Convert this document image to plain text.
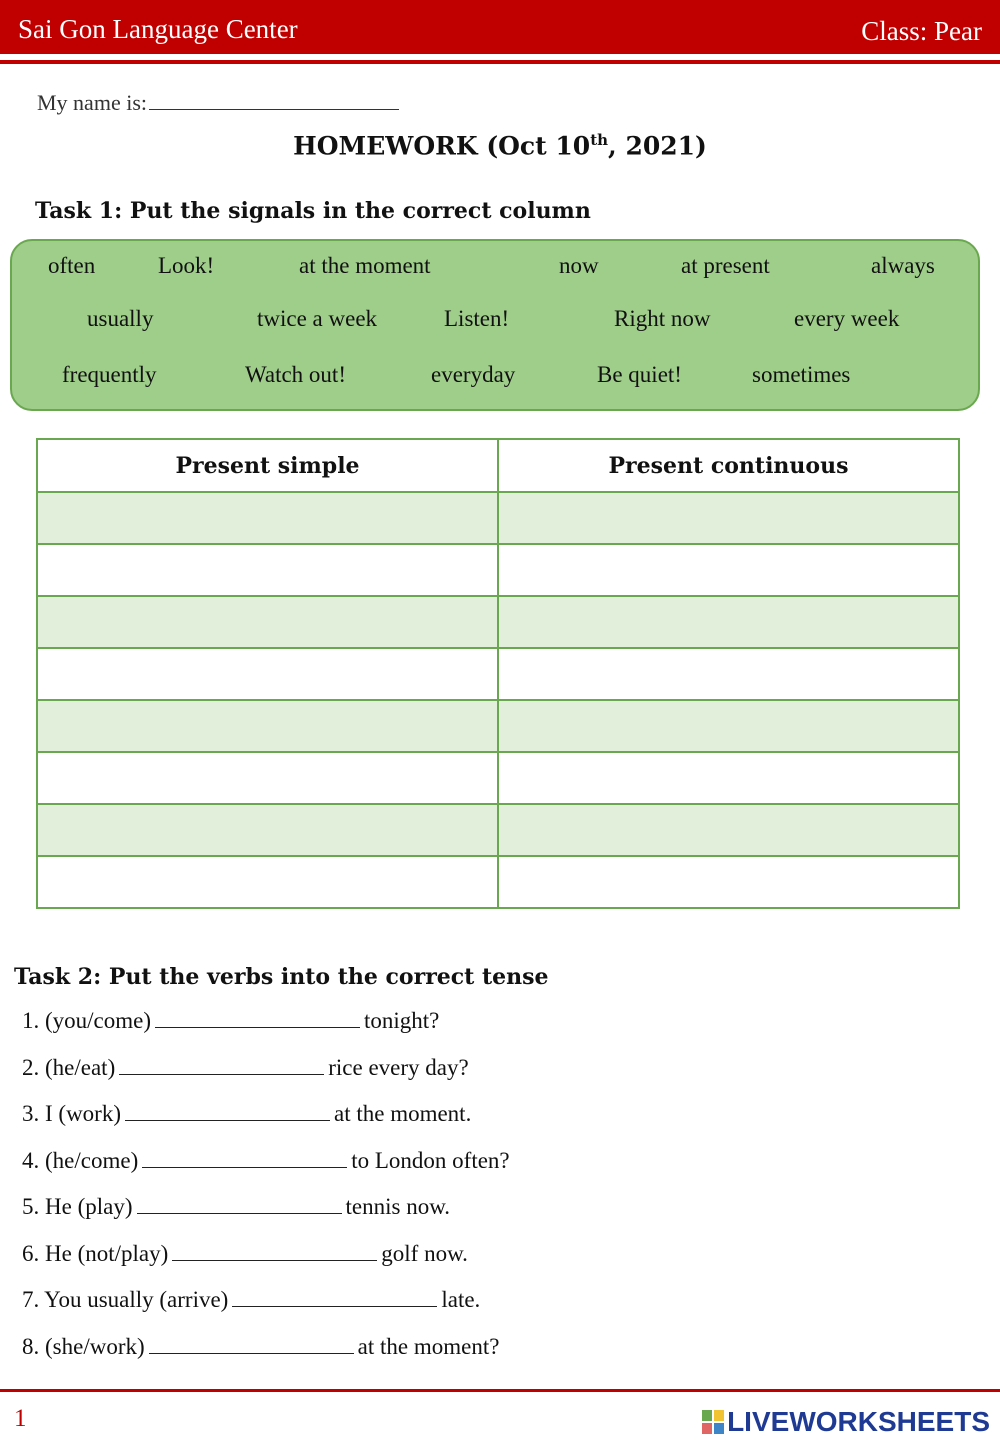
Sai Gon Language Center	Class: Pear
My name is:
HOMEWORK (Oct 10th, 2021)
Task 1: Put the signals in the correct column
often	Look!	at the moment	now	at present	always
usually	twice a week	Listen!	Right now	every week
frequently	Watch out!	everyday	Be quiet!	sometimes
Present simple	Present continuous

Task 2: Put the verbs into the correct tense
1. (you/come)	tonight?
2. (he/eat)	rice every day?
3. I (work)	at the moment.
4. (he/come)	to London often?
5. He (play)	tennis now.
6. He (not/play)	golf now.
7. You usually (arrive)	late.
8. (she/work)	at the moment?
1	LIVEWORKSHEETS
